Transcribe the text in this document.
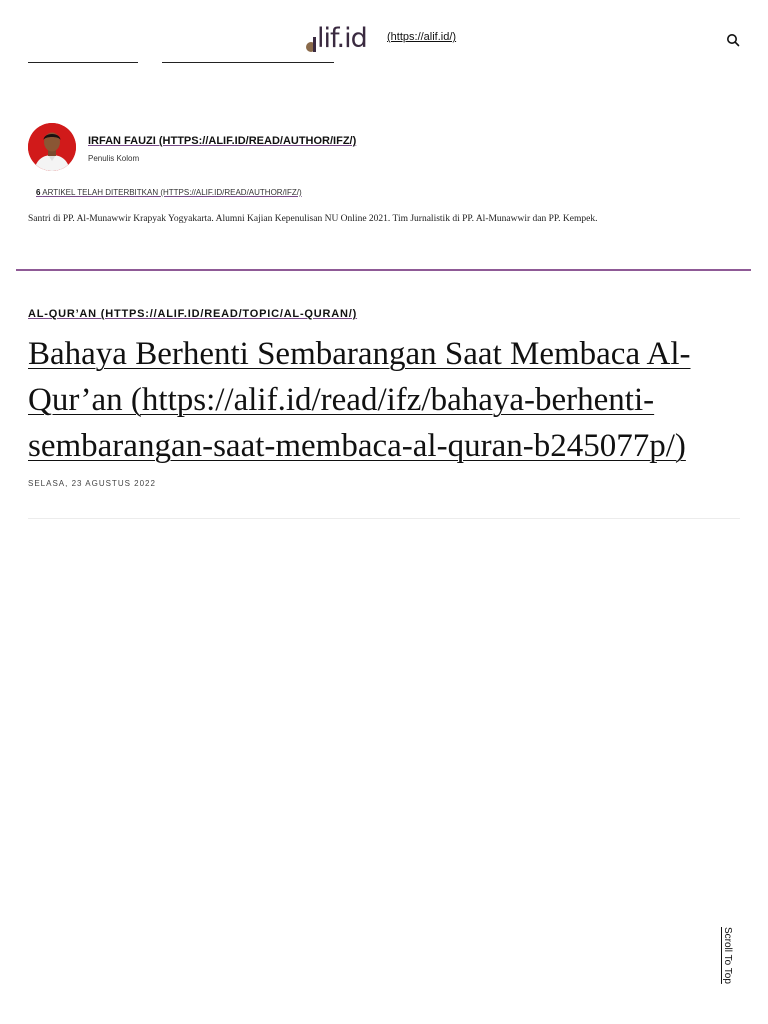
lif.id (https://alif.id/)
IRFAN FAUZI (HTTPS://ALIF.ID/READ/AUTHOR/IFZ/)
Penulis Kolom
6 ARTIKEL TELAH DITERBITKAN (HTTPS://ALIF.ID/READ/AUTHOR/IFZ/)

Santri di PP. Al-Munawwir Krapyak Yogyakarta. Alumni Kajian Kepenulisan NU Online 2021. Tim Jurnalistik di PP. Al-Munawwir dan PP. Kempek.

AL-QUR’AN (HTTPS://ALIF.ID/READ/TOPIC/AL-QURAN/)
Bahaya Berhenti Sembarangan Saat Membaca Al-Qur’an (https://alif.id/read/ifz/bahaya-berhenti-sembarangan-saat-membaca-al-quran-b245077p/)
SELASA, 23 AGUSTUS 2022
Scroll To Top
